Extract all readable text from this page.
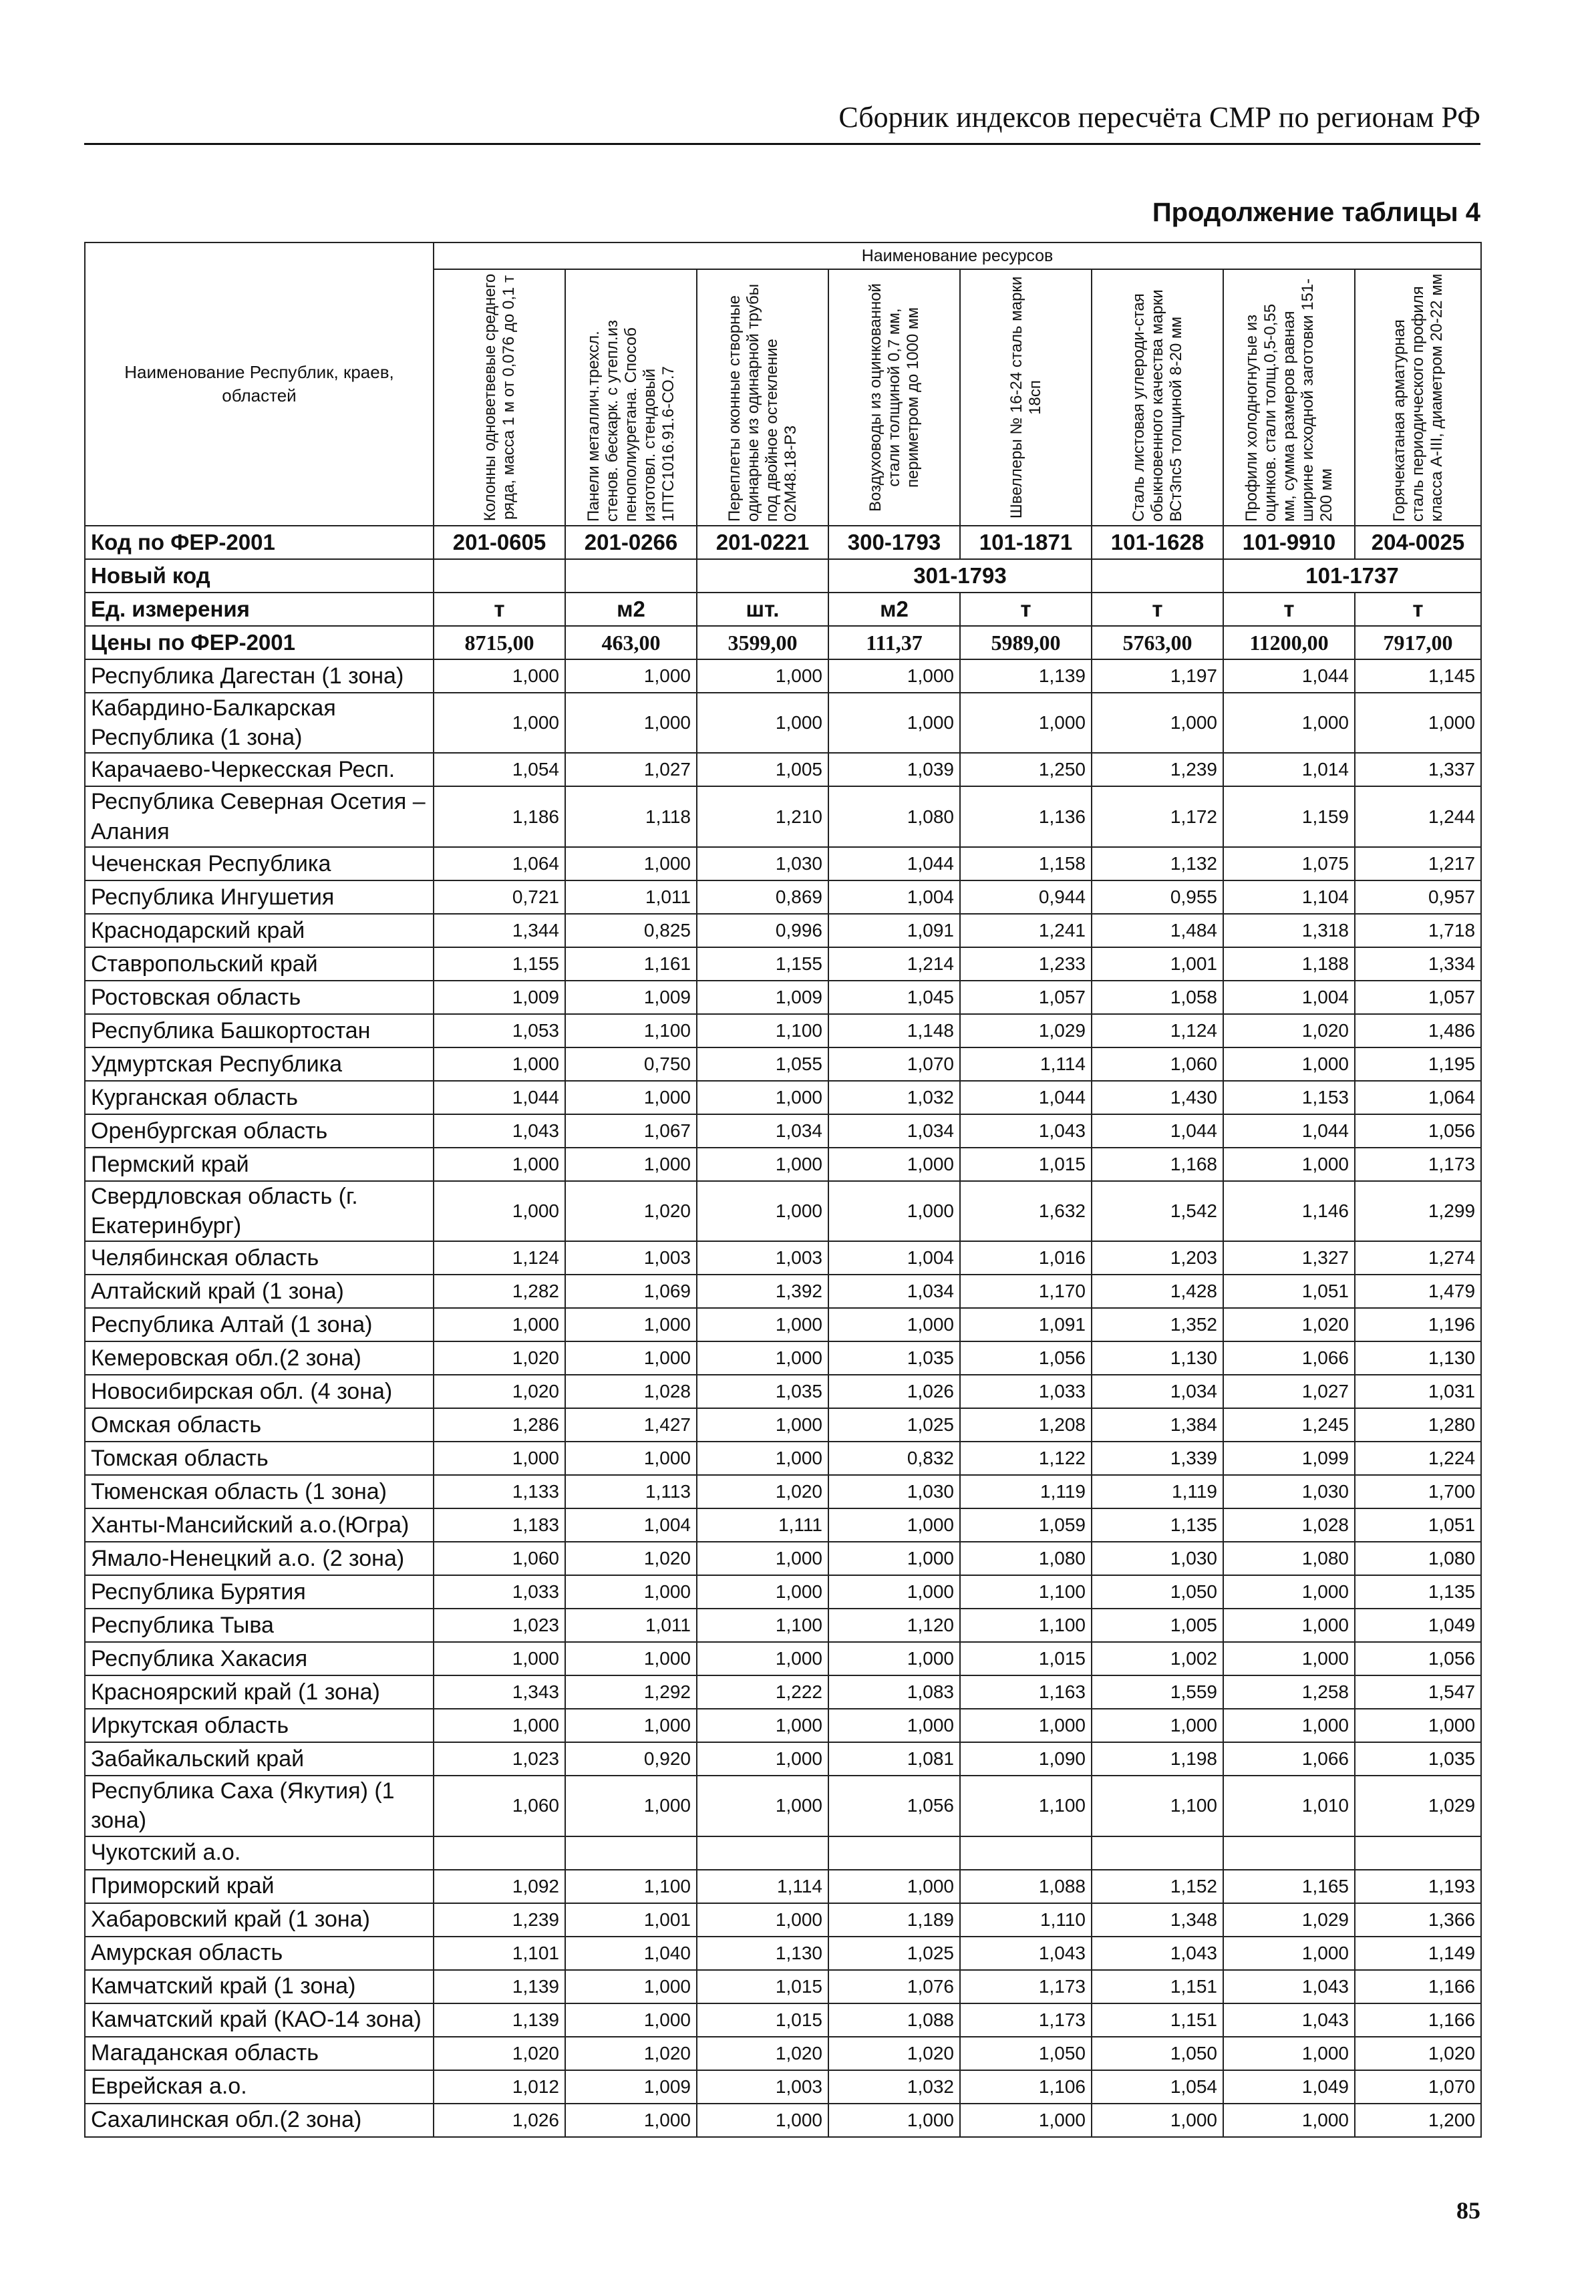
Сборник индексов пересчёта СМР по регионам РФ
Продолжение таблицы 4
Наименование Республик, краев, областей	Наименование ресурсов							

	Колонны одноветвевые среднего ряда, масса 1 м от 0,076 до 0,1 т	Панели металлич.трехсл. стенов. бескарк. с утепл.из пенополиуретана. Способ изготовл. стендовый 1ПТС1016.91.6-СО.7	Переплеты оконные створные одинарные из одинарной трубы под двойное остекление 02М48.18-Р3	Воздуховоды из оцинкованной стали толщиной 0,7 мм, периметром до 1000 мм	Швеллеры № 16-24 сталь марки 18сп	Сталь листовая углероди-стая обыкновенного качества марки ВСт3пс5 толщиной 8-20 мм	Профили холодногнутые из оцинков. стали толщ.0,5-0,55 мм, сумма размеров равная ширине исходной заготовки 151-200 мм	Горячекатаная арматурная сталь периодического профиля класса А-III, диаметром 20-22 мм

Код по ФЕР-2001	201-0605	201-0266	201-0221	300-1793	101-1871	101-1628	101-9910	204-0025
Новый код				301-1793			101-1737	
Ед. измерения	т	м2	шт.	м2	т	т	т	т
Цены по ФЕР-2001	8715,00	463,00	3599,00	111,37	5989,00	5763,00	11200,00	7917,00
Республика Дагестан (1 зона)	1,000	1,000	1,000	1,000	1,139	1,197	1,044	1,145
Кабардино-Балкарская Республика (1 зона)	1,000	1,000	1,000	1,000	1,000	1,000	1,000	1,000
Карачаево-Черкесская Респ.	1,054	1,027	1,005	1,039	1,250	1,239	1,014	1,337
Республика Северная Осетия – Алания	1,186	1,118	1,210	1,080	1,136	1,172	1,159	1,244
Чеченская Республика	1,064	1,000	1,030	1,044	1,158	1,132	1,075	1,217
Республика Ингушетия	0,721	1,011	0,869	1,004	0,944	0,955	1,104	0,957
Краснодарский край	1,344	0,825	0,996	1,091	1,241	1,484	1,318	1,718
Ставропольский край	1,155	1,161	1,155	1,214	1,233	1,001	1,188	1,334
Ростовская область	1,009	1,009	1,009	1,045	1,057	1,058	1,004	1,057
Республика Башкортостан	1,053	1,100	1,100	1,148	1,029	1,124	1,020	1,486
Удмуртская Республика	1,000	0,750	1,055	1,070	1,114	1,060	1,000	1,195
Курганская область	1,044	1,000	1,000	1,032	1,044	1,430	1,153	1,064
Оренбургская область	1,043	1,067	1,034	1,034	1,043	1,044	1,044	1,056
Пермский край	1,000	1,000	1,000	1,000	1,015	1,168	1,000	1,173
Свердловская область (г. Екатеринбург)	1,000	1,020	1,000	1,000	1,632	1,542	1,146	1,299
Челябинская область	1,124	1,003	1,003	1,004	1,016	1,203	1,327	1,274
Алтайский край (1 зона)	1,282	1,069	1,392	1,034	1,170	1,428	1,051	1,479
Республика Алтай (1 зона)	1,000	1,000	1,000	1,000	1,091	1,352	1,020	1,196
Кемеровская обл.(2 зона)	1,020	1,000	1,000	1,035	1,056	1,130	1,066	1,130
Новосибирская обл. (4 зона)	1,020	1,028	1,035	1,026	1,033	1,034	1,027	1,031
Омская область	1,286	1,427	1,000	1,025	1,208	1,384	1,245	1,280
Томская область	1,000	1,000	1,000	0,832	1,122	1,339	1,099	1,224
Тюменская область (1 зона)	1,133	1,113	1,020	1,030	1,119	1,119	1,030	1,700
Ханты-Мансийский а.о.(Югра)	1,183	1,004	1,111	1,000	1,059	1,135	1,028	1,051
Ямало-Ненецкий а.о. (2 зона)	1,060	1,020	1,000	1,000	1,080	1,030	1,080	1,080
Республика Бурятия	1,033	1,000	1,000	1,000	1,100	1,050	1,000	1,135
Республика Тыва	1,023	1,011	1,100	1,120	1,100	1,005	1,000	1,049
Республика Хакасия	1,000	1,000	1,000	1,000	1,015	1,002	1,000	1,056
Красноярский край (1 зона)	1,343	1,292	1,222	1,083	1,163	1,559	1,258	1,547
Иркутская область	1,000	1,000	1,000	1,000	1,000	1,000	1,000	1,000
Забайкальский край	1,023	0,920	1,000	1,081	1,090	1,198	1,066	1,035
Республика Саха (Якутия) (1 зона)	1,060	1,000	1,000	1,056	1,100	1,100	1,010	1,029
Чукотский а.о.								
Приморский край	1,092	1,100	1,114	1,000	1,088	1,152	1,165	1,193
Хабаровский край (1 зона)	1,239	1,001	1,000	1,189	1,110	1,348	1,029	1,366
Амурская область	1,101	1,040	1,130	1,025	1,043	1,043	1,000	1,149
Камчатский край (1 зона)	1,139	1,000	1,015	1,076	1,173	1,151	1,043	1,166
Камчатский край (КАО-14 зона)	1,139	1,000	1,015	1,088	1,173	1,151	1,043	1,166
Магаданская область	1,020	1,020	1,020	1,020	1,050	1,050	1,000	1,020
Еврейская а.о.	1,012	1,009	1,003	1,032	1,106	1,054	1,049	1,070
Сахалинская обл.(2 зона)	1,026	1,000	1,000	1,000	1,000	1,000	1,000	1,200
85
